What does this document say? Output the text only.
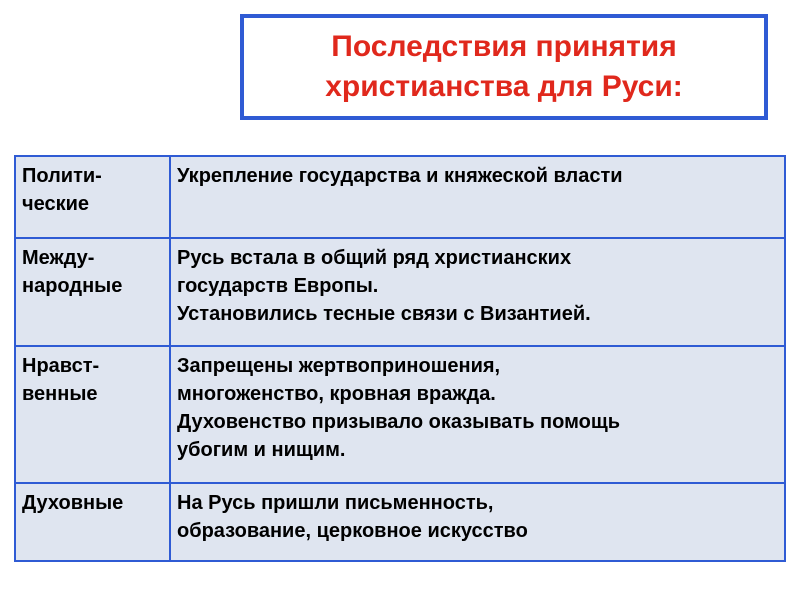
Последствия принятия
христианства для Руси:
Полити-
ческие	Укрепление государства и княжеской власти

Между-
народные	Русь встала в общий ряд христианских
государств Европы.
Установились тесные связи с Византией.

Нравст-
венные	Запрещены жертвоприношения,
многоженство, кровная вражда.
Духовенство призывало оказывать помощь
убогим и нищим.

Духовные	На Русь пришли письменность,
образование, церковное искусство
